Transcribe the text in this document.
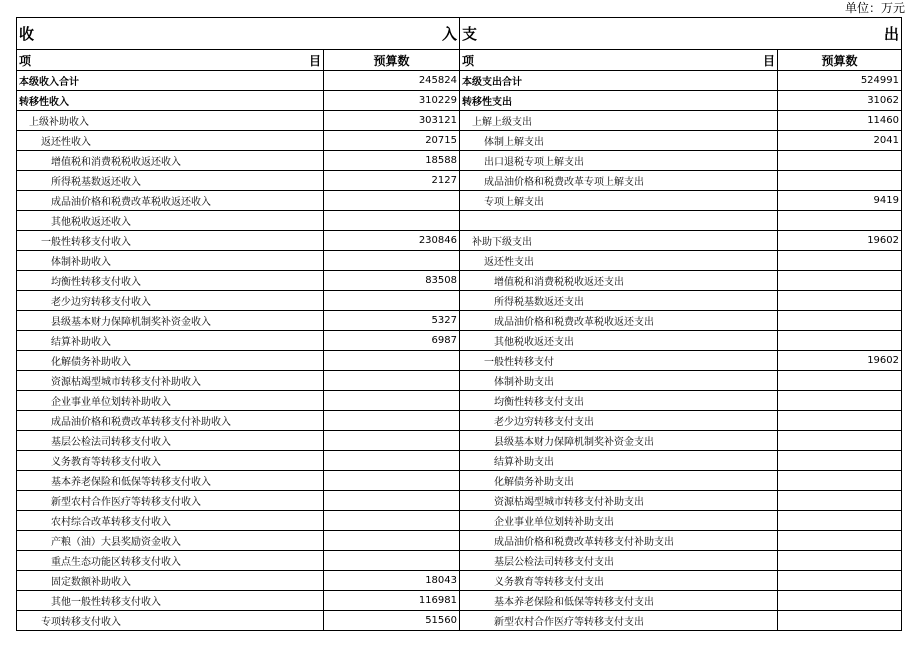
单位：万元
收 入		支 出	

项 目	预算数	项 目	预算数
本级收入合计	245824	本级支出合计	524991
转移性收入	310229	转移性支出	31062
上级补助收入	303121	上解上级支出	11460
返还性收入	20715	体制上解支出	2041
增值税和消费税税收返还收入	18588	出口退税专项上解支出	
所得税基数返还收入	2127	成品油价格和税费改革专项上解支出	
成品油价格和税费改革税收返还收入		专项上解支出	9419
其他税收返还收入			
一般性转移支付收入	230846	补助下级支出	19602
体制补助收入		返还性支出	
均衡性转移支付收入	83508	增值税和消费税税收返还支出	
老少边穷转移支付收入		所得税基数返还支出	
县级基本财力保障机制奖补资金收入	5327	成品油价格和税费改革税收返还支出	
结算补助收入	6987	其他税收返还支出	
化解债务补助收入		一般性转移支付	19602
资源枯竭型城市转移支付补助收入		体制补助支出	
企业事业单位划转补助收入		均衡性转移支付支出	
成品油价格和税费改革转移支付补助收入		老少边穷转移支付支出	
基层公检法司转移支付收入		县级基本财力保障机制奖补资金支出	
义务教育等转移支付收入		结算补助支出	
基本养老保险和低保等转移支付收入		化解债务补助支出	
新型农村合作医疗等转移支付收入		资源枯竭型城市转移支付补助支出	
农村综合改革转移支付收入		企业事业单位划转补助支出	
产粮（油）大县奖励资金收入		成品油价格和税费改革转移支付补助支出	
重点生态功能区转移支付收入		基层公检法司转移支付支出	
固定数额补助收入	18043	义务教育等转移支付支出	
其他一般性转移支付收入	116981	基本养老保险和低保等转移支付支出	
专项转移支付收入	51560	新型农村合作医疗等转移支付支出	
